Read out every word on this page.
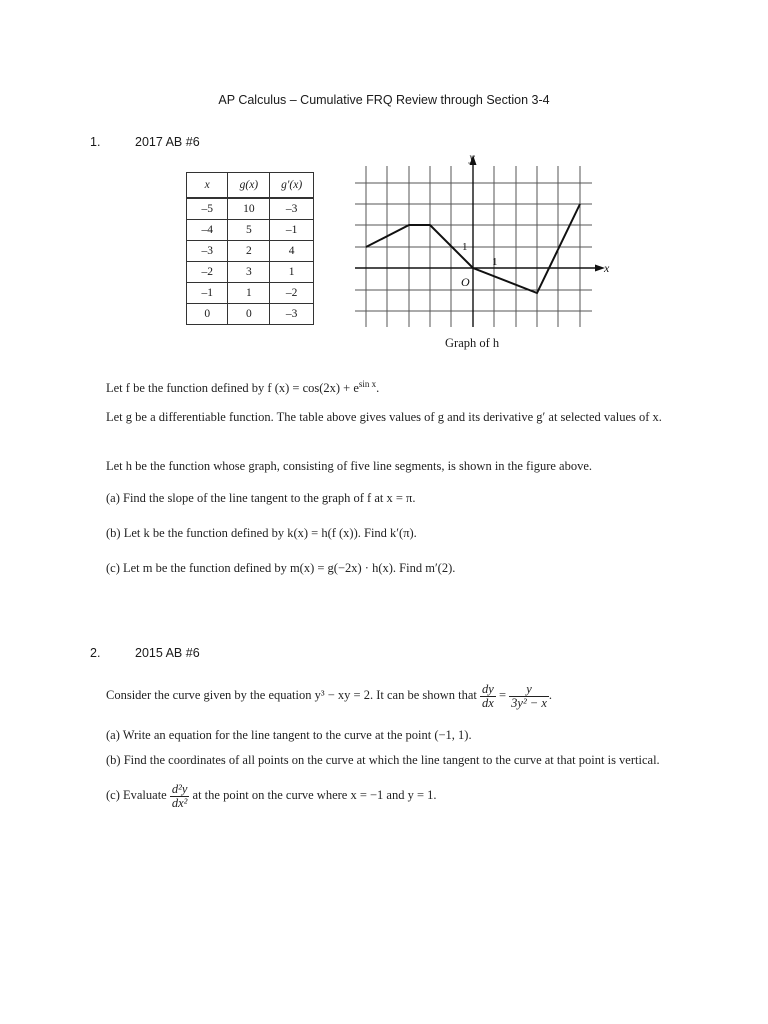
AP Calculus – Cumulative FRQ Review through Section 3-4
1.	2017 AB #6
x	g(x)	g′(x)
–5	10	–3
–4	5	–1
–3	2	4
–2	3	1
–1	1	–2
0	0	–3
y
x
O
1
1
Graph of h
Let f be the function defined by f $(x) = \cos(2x) + e^{sin x}$.
Let g be a differentiable function. The table above gives values of g and its derivative g′ at selected values of x.
Let h be the function whose graph, consisting of five line segments, is shown in the figure above.
(a) Find the slope of the line tangent to the graph of f at x = π.
(b) Let k be the function defined by k(x) = h(f (x)). Find k′(π).
(c) Let m be the function defined by m(x) = g(−2x) · h(x). Find m′(2).
2.	2015 AB #6
Consider the curve given by the equation y³ − xy = 2. It can be shown that $\frac{dy}{dx} = \frac{y}{\text{3y² − x}}$ .
(a) Write an equation for the line tangent to the curve at the point (−1, 1).
(b) Find the coordinates of all points on the curve at which the line tangent to the curve at that point is vertical.
(c) Evaluate $\frac{\text{d²y}}{\text{dx²}}$ at the point on the curve where x = −1 and y = 1.
